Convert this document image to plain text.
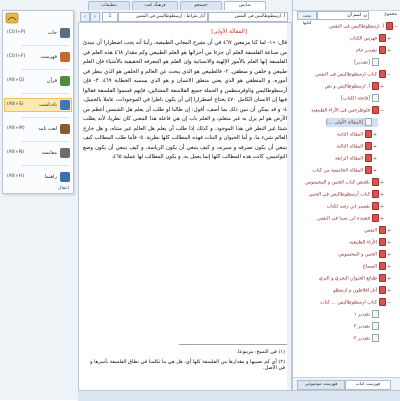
(Ctrl+P)	جاب
(Ctrl+F)	فهرست
(Alt+Q)	قرآن
(Alt+S)	یادداشت
(Alt+M)	لغت نامه
(Alt+N)	مقایسه
(Alt+H)	راهنما
انتقال
تنظیمات	فرهنگ لغت	جستجو	نمایش
‹	›	1	آثار بقراط : ارسطوطالیس فی النفس	آ. ارسطوطالیس فی النفس
[المقالة الأولى]
قال: «١- لما كنا مزمعين ٤٦٧ في أن نشرح المعاني الطبيعية، رأينا أنه يجب اضطرارا أن نبتدئ من صناعة الفلسفة العلم أن جزءا من أجزائها هو العلم الطبيعي وكم مقدار ٤٦٨ هذه العلم في الفلسفة إنها العلم بالأمور الإلهية والانسانية وإن العلم هو المعرفة الحقيقية بالأشياء فإن العلم طبيعي و خلقي و منطقي. ٢- فالطبيعي هو الذي يبحث عن العالم و الخلقي هو الذي ينظر في أموره، و المنطقي هو الذي يعني منطق الانسان و هو الذي يسميه الخطابة ٤٦٩. ٣- فإن أرسطوطاليس وثاوفرسطس و الجملة جميع الفلاسفة المشائين، فإنهم قسموا الفلسفة فقالوا فيها إن الانسان الكامل ٤٧٠ يحتاج اضطرارا إلى أن يكون ناظرا في الموجودات، عاملا بالجميل، ٤- و قد يمكن أن نبين ذلك بما أصف، أقول: إن طالبا لو طلب أن يعلم هل الشمس أعظم من الأرض هو لم يزل به غير متعلم، و العلم باب إن هي فاعلة هذا المعنى كان نظريا، لأنه يطلب شيئا غير النظر في هذا الموجود. و كذلك إذا طلب أن يعلم هل العالم غير متناه، و هل خارج العالم شيء ما. و أما الحيوان و النبات فهذه المطالب كلها نظرية. ٥- فأما طلب المطالب كيف ينبغي أن يكون تصرفه و سيرته، و كيف ينبغي أن يكون الرياسة، و كيف ينبغي أن يكون وضع النواميس، كانت هذه المطالب كلها إنما يعمل به. و يكون المطالب لها عملية ٤٦٥.
(١) في النسخ: مزموعا.
(٢) أي كم نصيبها و مقدارها من الفلسفة كلها أي: هل هي ما تكلمنا في نطاق الفلسفة بأسرها و في الأصل.
بحث كتابها
ن. اسم آن	مجموع
−آ. ارسطوطالیس فی النفس
+فهرس الكتاب
+تصدير عام
[تصدير]
−كتاب ارسطوطاليس في النفس
+آ. ارسطوطاليس و نص
[فاتحة الكتاب]
−فلوطرخس في الآراء الطبيعية
[المقالة الأولى ...]
+المقالة الثانية
+المقالة الثالثة
+المقالة الرابعة
+المقالة الخامسة من كتاب
+تلخيص كتاب الحس و المحسوس
+كتاب أرسطوطاليس في الحس
+تفسير ابن رشد لكتاب
+قصيدة ابن سينا في النفس
+النفس
+الآراء الطبيعية
+الحس و المحسوس
+السماع
+طبائع الحيوان البحري و البري
+آثار افلاطون و ارسطو
−كتاب ارسطوطاليس ... كتاب
تصدير ١
تصدير ٢
تصدير ٣
فهرست موضوعی	فهرست کتاب
